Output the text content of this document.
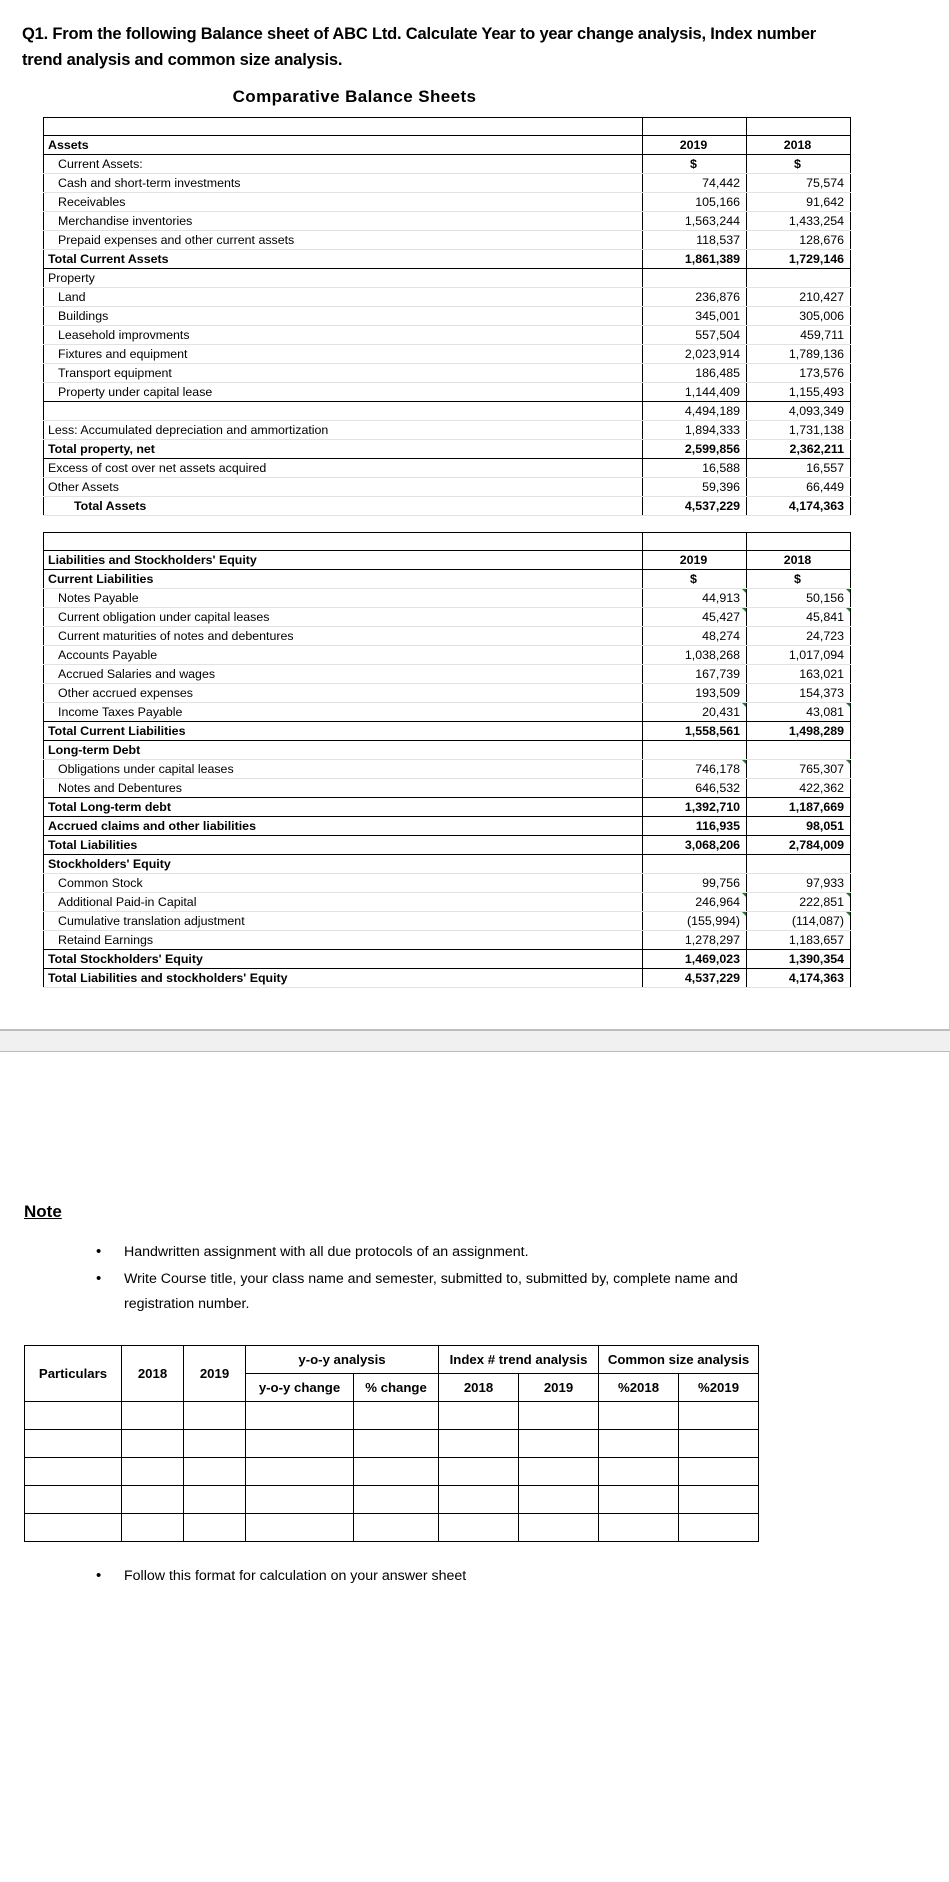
Q1. From the following Balance sheet of ABC Ltd. Calculate Year to year change analysis, Index number trend analysis and common size analysis.
Comparative Balance Sheets

Assets	2019	2018
Current Assets:	$	$
Cash and short-term investments	74,442	75,574
Receivables	105,166	91,642
Merchandise inventories	1,563,244	1,433,254
Prepaid expenses and other current assets	118,537	128,676
Total Current Assets	1,861,389	1,729,146
Property		
Land	236,876	210,427
Buildings	345,001	305,006
Leasehold improvments	557,504	459,711
Fixtures and equipment	2,023,914	1,789,136
Transport equipment	186,485	173,576
Property under capital lease	1,144,409	1,155,493
	4,494,189	4,093,349
Less: Accumulated depreciation and ammortization	1,894,333	1,731,138
Total property, net	2,599,856	2,362,211
Excess of cost over net assets acquired	16,588	16,557
Other Assets	59,396	66,449
Total Assets	4,537,229	4,174,363

Liabilities and Stockholders' Equity	2019	2018
Current Liabilities	$	$
Notes Payable	44,913	50,156
Current obligation under capital leases	45,427	45,841
Current maturities of notes and debentures	48,274	24,723
Accounts Payable	1,038,268	1,017,094
Accrued Salaries and wages	167,739	163,021
Other accrued expenses	193,509	154,373
Income Taxes Payable	20,431	43,081
Total Current Liabilities	1,558,561	1,498,289
Long-term Debt		
Obligations under capital leases	746,178	765,307
Notes and Debentures	646,532	422,362
Total Long-term debt	1,392,710	1,187,669
Accrued claims and other liabilities	116,935	98,051
Total Liabilities	3,068,206	2,784,009
Stockholders' Equity		
Common Stock	99,756	97,933
Additional Paid-in Capital	246,964	222,851
Cumulative translation adjustment	(155,994)	(114,087)
Retaind Earnings	1,278,297	1,183,657
Total Stockholders' Equity	1,469,023	1,390,354
Total Liabilities and stockholders' Equity	4,537,229	4,174,363
Note
• Handwritten assignment with all due protocols of an assignment.
• Write Course title, your class name and semester, submitted to, submitted by, complete name and registration number.
Particulars	2018	2019	y-o-y analysis		Index # trend analysis		Common size analysis	
			y-o-y change	% change	2018	2019	%2018	%2019

• Follow this format for calculation on your answer sheet
